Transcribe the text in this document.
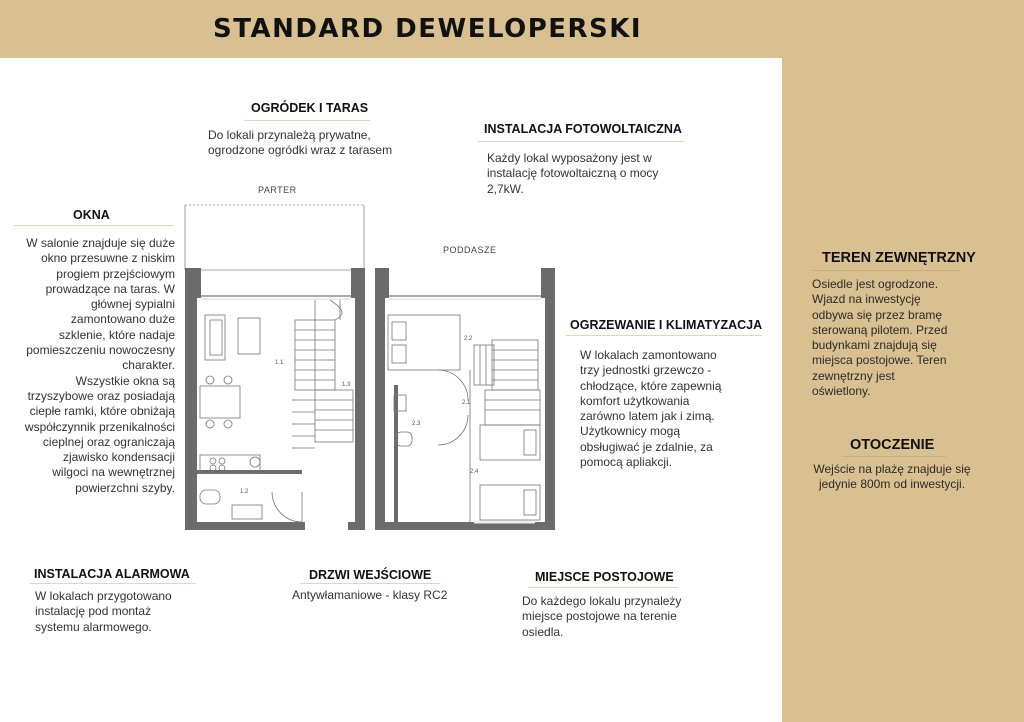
STANDARD DEWELOPERSKI
OGRÓDEK I TARAS
Do lokali przynależą prywatne,
ogrodzone ogródki wraz z tarasem
INSTALACJA FOTOWOLTAICZNA
Każdy lokal wyposażony jest w
instalację fotowoltaiczną o mocy
2,7kW.
OKNA
W salonie znajduje się duże
okno przesuwne z niskim
progiem przejściowym
prowadzące na taras. W
głównej sypialni
zamontowano duże
szklenie, które nadaje
pomieszczeniu nowoczesny
charakter.
Wszystkie okna są
trzyszybowe oraz posiadają
ciepłe ramki, które obniżają
współczynnik przenikalności
cieplnej oraz ograniczają
zjawisko kondensacji
wilgoci na wewnętrznej
powierzchni szyby.
OGRZEWANIE I KLIMATYZACJA
W lokalach zamontowano
trzy jednostki grzewczo -
chłodzące, które zapewnią
komfort użytkowania
zarówno latem jak i zimą.
Użytkownicy mogą
obsługiwać je zdalnie, za
pomocą apliakcji.
INSTALACJA ALARMOWA
W lokalach przygotowano
instalację pod montaż
systemu alarmowego.
DRZWI WEJŚCIOWE
Antywłamaniowe - klasy RC2
MIEJSCE POSTOJOWE
Do każdego lokalu przynależy
miejsce postojowe na terenie
osiedla.
TEREN ZEWNĘTRZNY
Osiedle jest ogrodzone.
Wjazd na inwestycję
odbywa się przez bramę
sterowaną pilotem. Przed
budynkami znajdują się
miejsca postojowe. Teren
zewnętrzny jest
oświetlony.
OTOCZENIE
Wejście na plażę znajduje się
jedynie 800m od inwestycji.
PARTER
PODDASZE
1.1
1.2
1.3
2.1
2.2
2.3
2.4
